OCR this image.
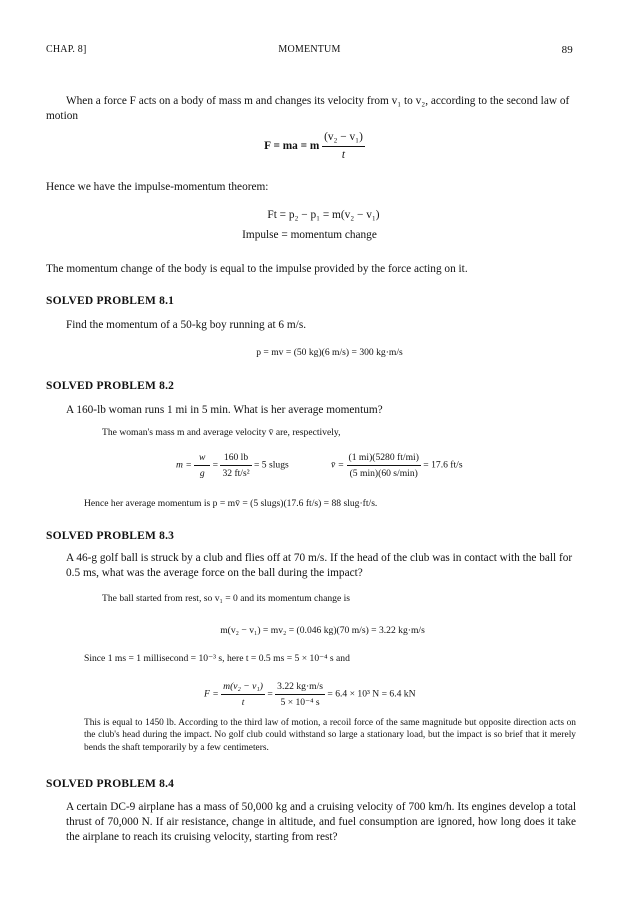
CHAP. 8]	MOMENTUM	89
When a force F acts on a body of mass m and changes its velocity from v₁ to v₂, according to the second law of motion
F = ma = m $\frac{\text{(v₂ − v₁)}}{t}$
Hence we have the impulse-momentum theorem:
Ft = p₂ − p₁ = m(v₂ − v₁)
Impulse = momentum change
The momentum change of the body is equal to the impulse provided by the force acting on it.
SOLVED PROBLEM 8.1
Find the momentum of a 50-kg boy running at 6 m/s.
p = mv = (50 kg)(6 m/s) = 300 kg·m/s
SOLVED PROBLEM 8.2
A 160-lb woman runs 1 mi in 5 min. What is her average momentum?
The woman's mass m and average velocity v̄ are, respectively,
$m = \frac{w}{g} = \frac{160 lb}{\text{32 ft/s²}} = 5$ slugs	v̄ = $\frac{(1 mi)(5280 ft/mi)}{(5 \min)(60 s/\min)} = 17.6$ ft/s
Hence her average momentum is p = mv̄ = (5 slugs)(17.6 ft/s) = 88 slug·ft/s.
SOLVED PROBLEM 8.3
A 46-g golf ball is struck by a club and flies off at 70 m/s. If the head of the club was in contact with the ball for 0.5 ms, what was the average force on the ball during the impact?
The ball started from rest, so v₁ = 0 and its momentum change is
m(v₂ − v₁) = mv₂ = (0.046 kg)(70 m/s) = 3.22 kg·m/s
Since 1 ms = 1 millisecond = 10⁻³ s, here t = 0.5 ms = 5 × 10⁻⁴ s and
$F = \frac{\text{m(v₂ − v₁)}}{t} = \frac{3.22 kg\cdot m/s}{\text{5 × 10⁻⁴ s}} = 6.4 \times 10^3$ N = 6.4 kN
This is equal to 1450 lb. According to the third law of motion, a recoil force of the same magnitude but opposite direction acts on the club's head during the impact. No golf club could withstand so large a stationary load, but the impact is so brief that it merely bends the shaft temporarily by a few centimeters.
SOLVED PROBLEM 8.4
A certain DC-9 airplane has a mass of 50,000 kg and a cruising velocity of 700 km/h. Its engines develop a total thrust of 70,000 N. If air resistance, change in altitude, and fuel consumption are ignored, how long does it take the airplane to reach its cruising velocity, starting from rest?
